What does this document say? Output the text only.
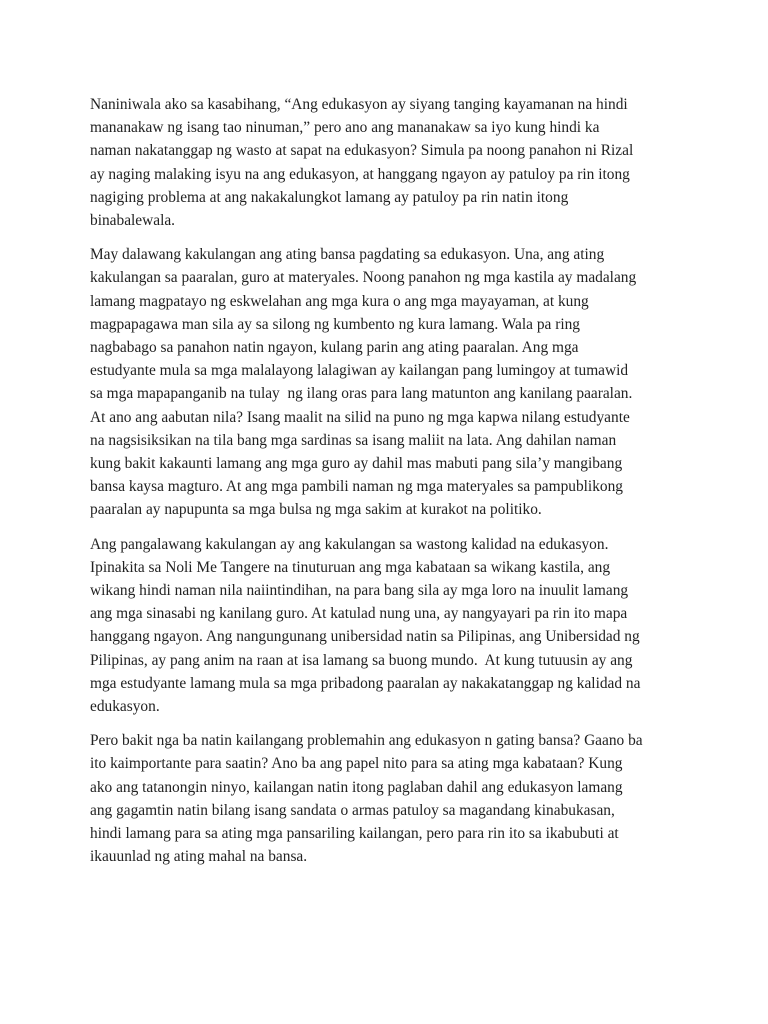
Naniniwala ako sa kasabihang, “Ang edukasyon ay siyang tanging kayamanan na hindi
mananakaw ng isang tao ninuman,” pero ano ang mananakaw sa iyo kung hindi ka
naman nakatanggap ng wasto at sapat na edukasyon? Simula pa noong panahon ni Rizal
ay naging malaking isyu na ang edukasyon, at hanggang ngayon ay patuloy pa rin itong
nagiging problema at ang nakakalungkot lamang ay patuloy pa rin natin itong
binabalewala.

May dalawang kakulangan ang ating bansa pagdating sa edukasyon. Una, ang ating
kakulangan sa paaralan, guro at materyales. Noong panahon ng mga kastila ay madalang
lamang magpatayo ng eskwelahan ang mga kura o ang mga mayayaman, at kung
magpapagawa man sila ay sa silong ng kumbento ng kura lamang. Wala pa ring
nagbabago sa panahon natin ngayon, kulang parin ang ating paaralan. Ang mga
estudyante mula sa mga malalayong lalagiwan ay kailangan pang lumingoy at tumawid
sa mga mapapanganib na tulay  ng ilang oras para lang matunton ang kanilang paaralan.
At ano ang aabutan nila? Isang maalit na silid na puno ng mga kapwa nilang estudyante
na nagsisiksikan na tila bang mga sardinas sa isang maliit na lata. Ang dahilan naman
kung bakit kakaunti lamang ang mga guro ay dahil mas mabuti pang sila’y mangibang
bansa kaysa magturo. At ang mga pambili naman ng mga materyales sa pampublikong
paaralan ay napupunta sa mga bulsa ng mga sakim at kurakot na politiko.

Ang pangalawang kakulangan ay ang kakulangan sa wastong kalidad na edukasyon.
Ipinakita sa Noli Me Tangere na tinuturuan ang mga kabataan sa wikang kastila, ang
wikang hindi naman nila naiintindihan, na para bang sila ay mga loro na inuulit lamang
ang mga sinasabi ng kanilang guro. At katulad nung una, ay nangyayari pa rin ito mapa
hanggang ngayon. Ang nangungunang unibersidad natin sa Pilipinas, ang Unibersidad ng
Pilipinas, ay pang anim na raan at isa lamang sa buong mundo.  At kung tutuusin ay ang
mga estudyante lamang mula sa mga pribadong paaralan ay nakakatanggap ng kalidad na
edukasyon.

Pero bakit nga ba natin kailangang problemahin ang edukasyon n gating bansa? Gaano ba
ito kaimportante para saatin? Ano ba ang papel nito para sa ating mga kabataan? Kung
ako ang tatanongin ninyo, kailangan natin itong paglaban dahil ang edukasyon lamang
ang gagamtin natin bilang isang sandata o armas patuloy sa magandang kinabukasan,
hindi lamang para sa ating mga pansariling kailangan, pero para rin ito sa ikabubuti at
ikauunlad ng ating mahal na bansa.
